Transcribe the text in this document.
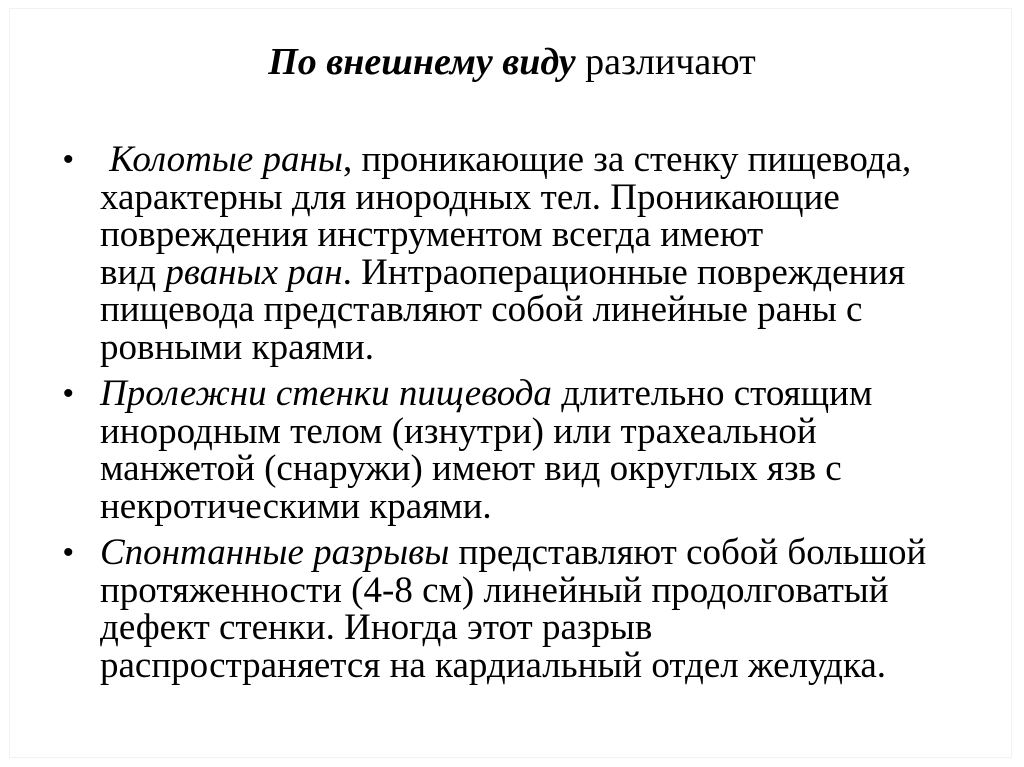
По внешнему виду различают
• Колотые раны, проникающие за стенку пищевода,
характерны для инородных тел. Проникающие
повреждения инструментом всегда имеют
вид рваных ран. Интраоперационные повреждения
пищевода представляют собой линейные раны с
ровными краями.
• Пролежни стенки пищевода длительно стоящим
инородным телом (изнутри) или трахеальной
манжетой (снаружи) имеют вид округлых язв с
некротическими краями.
• Спонтанные разрывы представляют собой большой
протяженности (4-8 см) линейный продолговатый
дефект стенки. Иногда этот разрыв
распространяется на кардиальный отдел желудка.
